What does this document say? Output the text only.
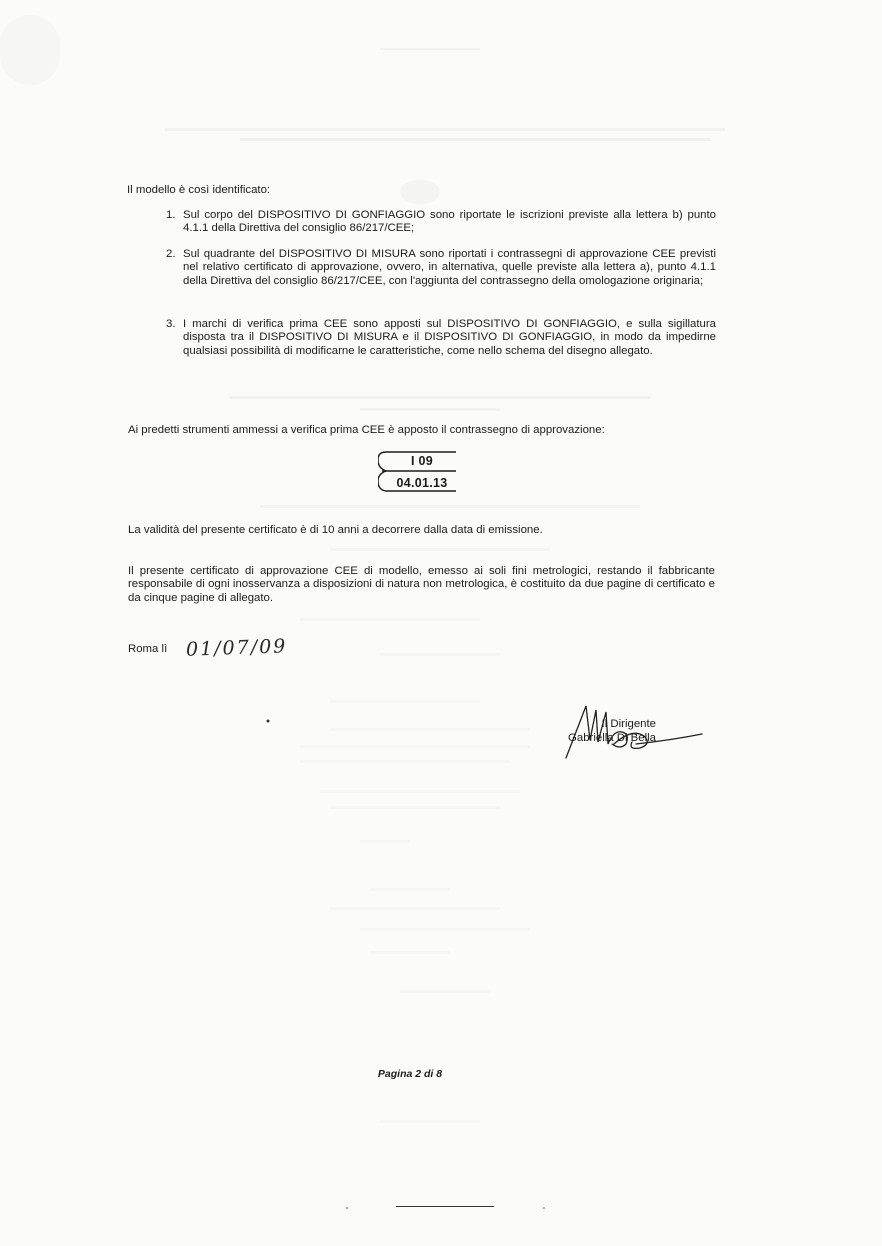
Il modello è così identificato:

1. Sul corpo del DISPOSITIVO DI GONFIAGGIO sono riportate le iscrizioni previste alla lettera b) punto 4.1.1 della Direttiva del consiglio 86/217/CEE;
2. Sul quadrante del DISPOSITIVO DI MISURA sono riportati i contrassegni di approvazione CEE previsti nel relativo certificato di approvazione, ovvero, in alternativa, quelle previste alla lettera a), punto 4.1.1 della Direttiva del consiglio 86/217/CEE, con l'aggiunta del contrassegno della omologazione originaria;
3. I marchi di verifica prima CEE sono apposti sul DISPOSITIVO DI GONFIAGGIO, e sulla sigillatura disposta tra il DISPOSITIVO DI MISURA e il DISPOSITIVO DI GONFIAGGIO, in modo da impedirne qualsiasi possibilità di modificarne le caratteristiche, come nello schema del disegno allegato.

Ai predetti strumenti ammessi a verifica prima CEE è apposto il contrassegno di approvazione:

I 09
04.01.13

La validità del presente certificato è di 10 anni a decorrere dalla data di emissione.

Il presente certificato di approvazione CEE di modello, emesso ai soli fini metrologici, restando il fabbricante responsabile di ogni inosservanza a disposizioni di natura non metrologica, è costituito da due pagine di certificato e da cinque pagine di allegato.

Roma lì 01/07/09
Il Dirigente
Gabriella Di Bella
Pagina 2 di 8
